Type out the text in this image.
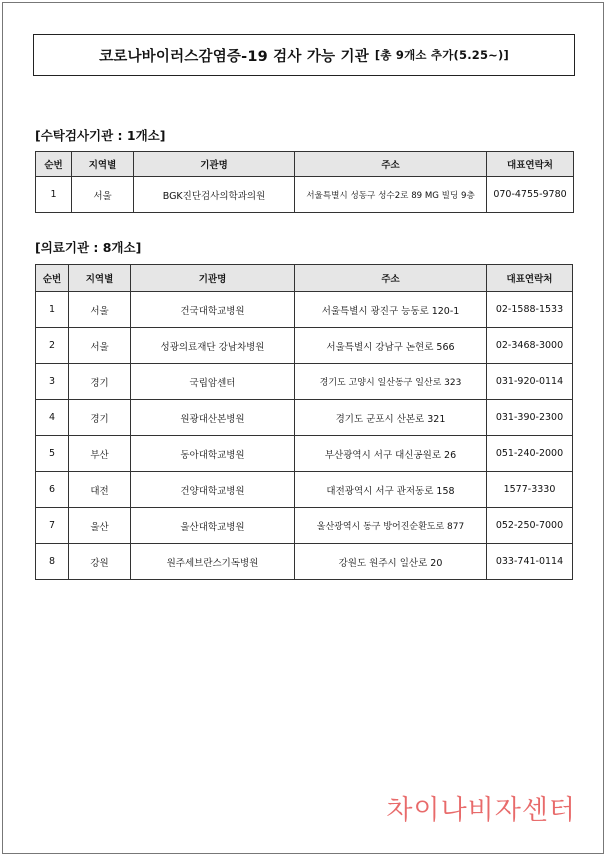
코로나바이러스감염증-19 검사 가능 기관 [총 9개소 추가(5.25~)]
[수탁검사기관 : 1개소]
순번	지역별	기관명	주소	대표연락처
1	서울	BGK진단검사의학과의원	서울특별시 성동구 성수2로 89 MG 빌딩 9층	070-4755-9780
[의료기관 : 8개소]
순번	지역별	기관명	주소	대표연락처
1	서울	건국대학교병원	서울특별시 광진구 능동로 120-1	02-1588-1533
2	서울	성광의료재단 강남차병원	서울특별시 강남구 논현로 566	02-3468-3000
3	경기	국립암센터	경기도 고양시 일산동구 일산로 323	031-920-0114
4	경기	원광대산본병원	경기도 군포시 산본로 321	031-390-2300
5	부산	동아대학교병원	부산광역시 서구 대신공원로 26	051-240-2000
6	대전	건양대학교병원	대전광역시 서구 관저동로 158	1577-3330
7	울산	울산대학교병원	울산광역시 동구 방어진순환도로 877	052-250-7000
8	강원	원주세브란스기독병원	강원도 원주시 일산로 20	033-741-0114
차이나비자센터
